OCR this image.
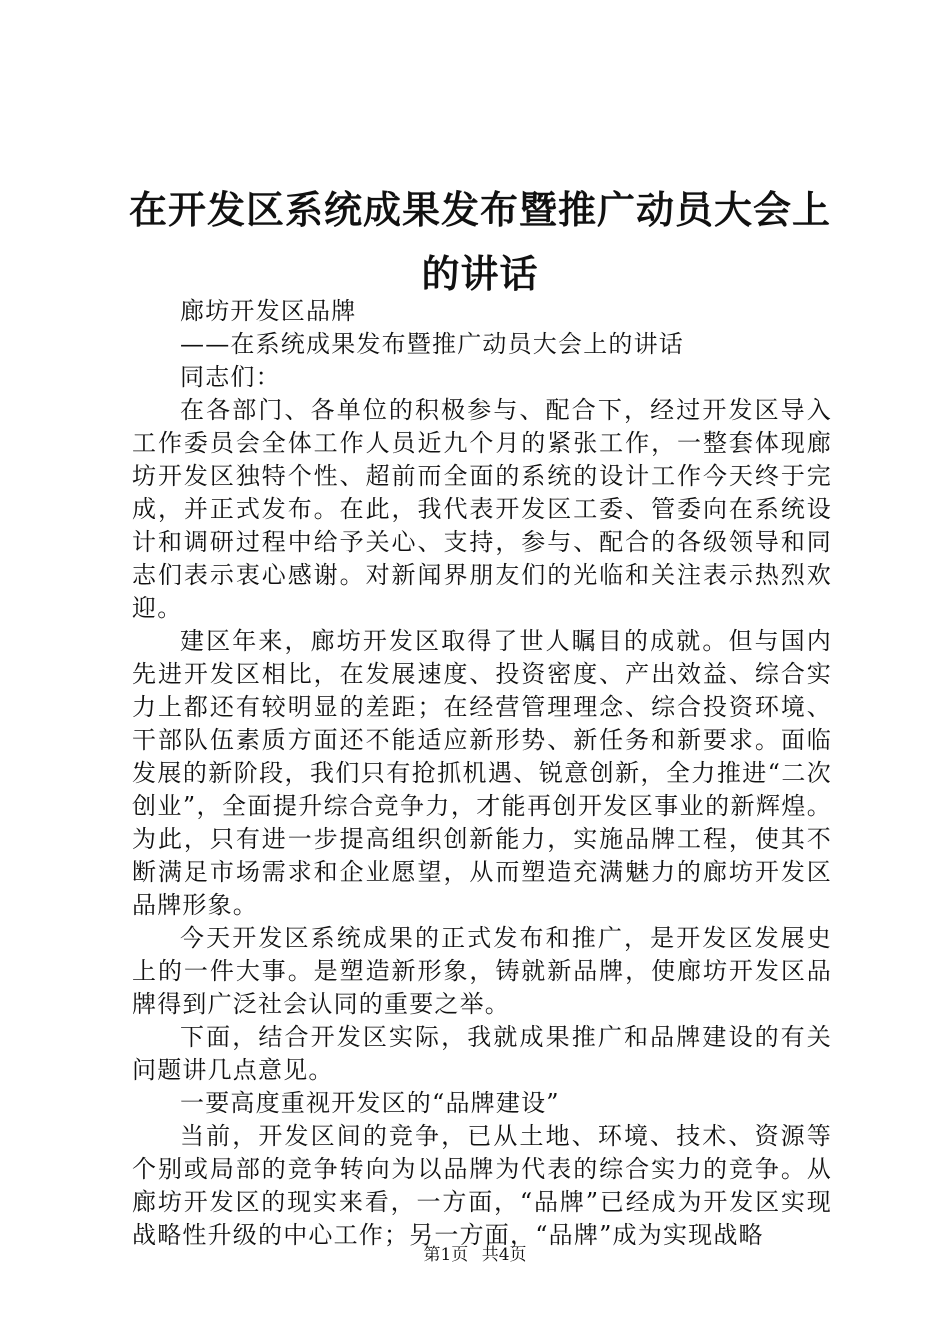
在开发区系统成果发布暨推广动员大会上的讲话

廊坊开发区品牌

——在系统成果发布暨推广动员大会上的讲话

同志们：

在各部门、各单位的积极参与、配合下，经过开发区导入工作委员会全体工作人员近九个月的紧张工作，一整套体现廊坊开发区独特个性、超前而全面的系统的设计工作今天终于完成，并正式发布。在此，我代表开发区工委、管委向在系统设计和调研过程中给予关心、支持，参与、配合的各级领导和同志们表示衷心感谢。对新闻界朋友们的光临和关注表示热烈欢迎。

建区年来，廊坊开发区取得了世人瞩目的成就。但与国内先进开发区相比，在发展速度、投资密度、产出效益、综合实力上都还有较明显的差距；在经营管理理念、综合投资环境、干部队伍素质方面还不能适应新形势、新任务和新要求。面临发展的新阶段，我们只有抢抓机遇、锐意创新，全力推进“二次创业”，全面提升综合竞争力，才能再创开发区事业的新辉煌。为此，只有进一步提高组织创新能力，实施品牌工程，使其不断满足市场需求和企业愿望，从而塑造充满魅力的廊坊开发区品牌形象。

今天开发区系统成果的正式发布和推广，是开发区发展史上的一件大事。是塑造新形象，铸就新品牌，使廊坊开发区品牌得到广泛社会认同的重要之举。

下面，结合开发区实际，我就成果推广和品牌建设的有关问题讲几点意见。

一要高度重视开发区的“品牌建设”

当前，开发区间的竞争，已从土地、环境、技术、资源等个别或局部的竞争转向为以品牌为代表的综合实力的竞争。从廊坊开发区的现实来看，一方面，“品牌”已经成为开发区实现战略性升级的中心工作；另一方面，“品牌”成为实现战略

第1页 共4页
